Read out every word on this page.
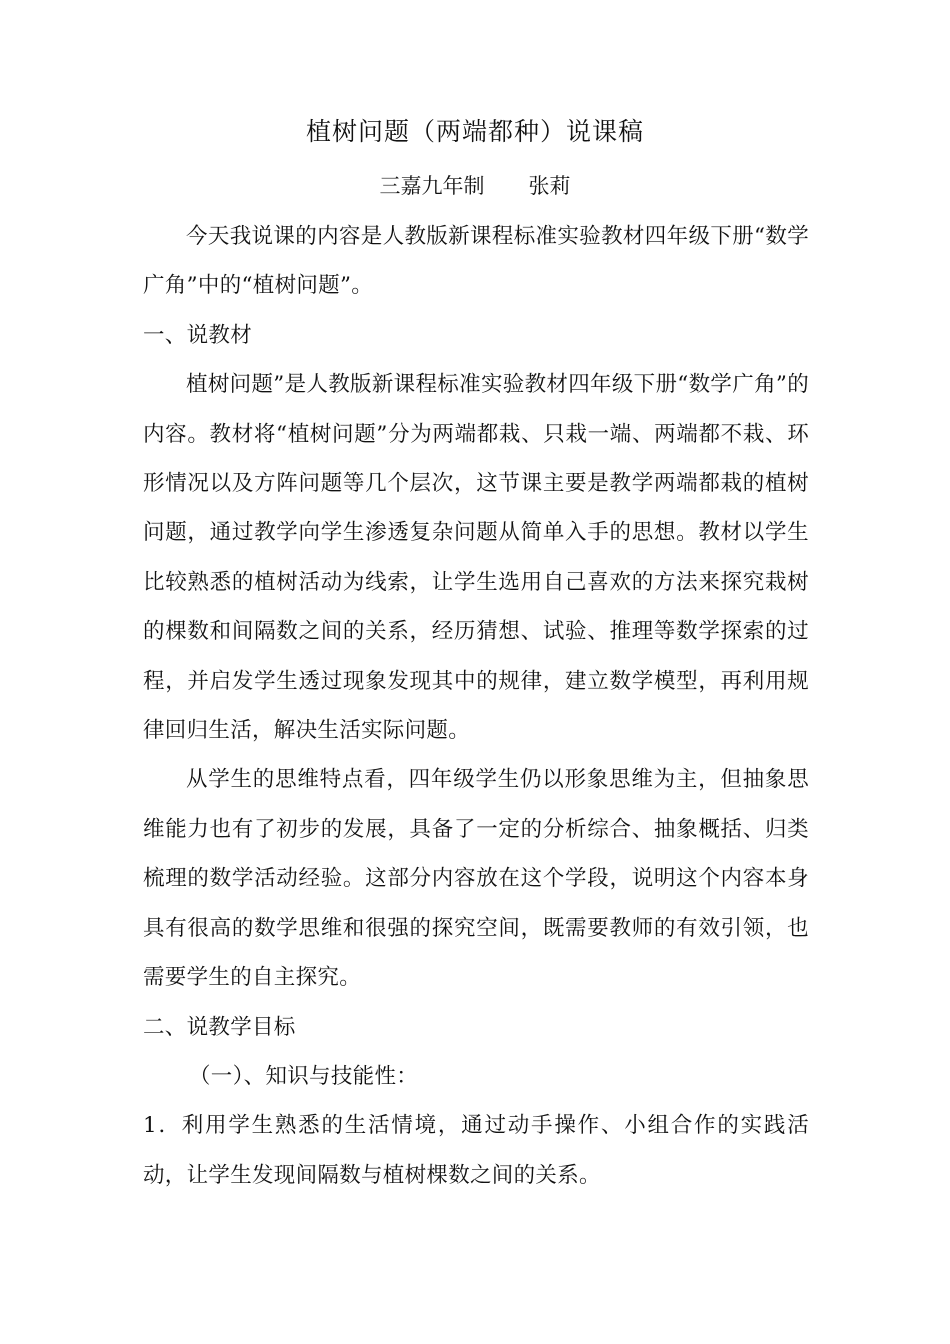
植树问题（两端都种）说课稿
三嘉九年制 张莉

今天我说课的内容是人教版新课程标准实验教材四年级下册“数学广角”中的“植树问题”。

一、说教材

植树问题”是人教版新课程标准实验教材四年级下册“数学广角”的内容。教材将“植树问题”分为两端都栽、只栽一端、两端都不栽、环形情况以及方阵问题等几个层次，这节课主要是教学两端都栽的植树问题，通过教学向学生渗透复杂问题从简单入手的思想。教材以学生比较熟悉的植树活动为线索，让学生选用自己喜欢的方法来探究栽树的棵数和间隔数之间的关系，经历猜想、试验、推理等数学探索的过程，并启发学生透过现象发现其中的规律，建立数学模型，再利用规律回归生活，解决生活实际问题。

从学生的思维特点看，四年级学生仍以形象思维为主，但抽象思维能力也有了初步的发展，具备了一定的分析综合、抽象概括、归类梳理的数学活动经验。这部分内容放在这个学段，说明这个内容本身具有很高的数学思维和很强的探究空间，既需要教师的有效引领，也需要学生的自主探究。

二、说教学目标

（一）、知识与技能性：

1．利用学生熟悉的生活情境，通过动手操作、小组合作的实践活动，让学生发现间隔数与植树棵数之间的关系。
